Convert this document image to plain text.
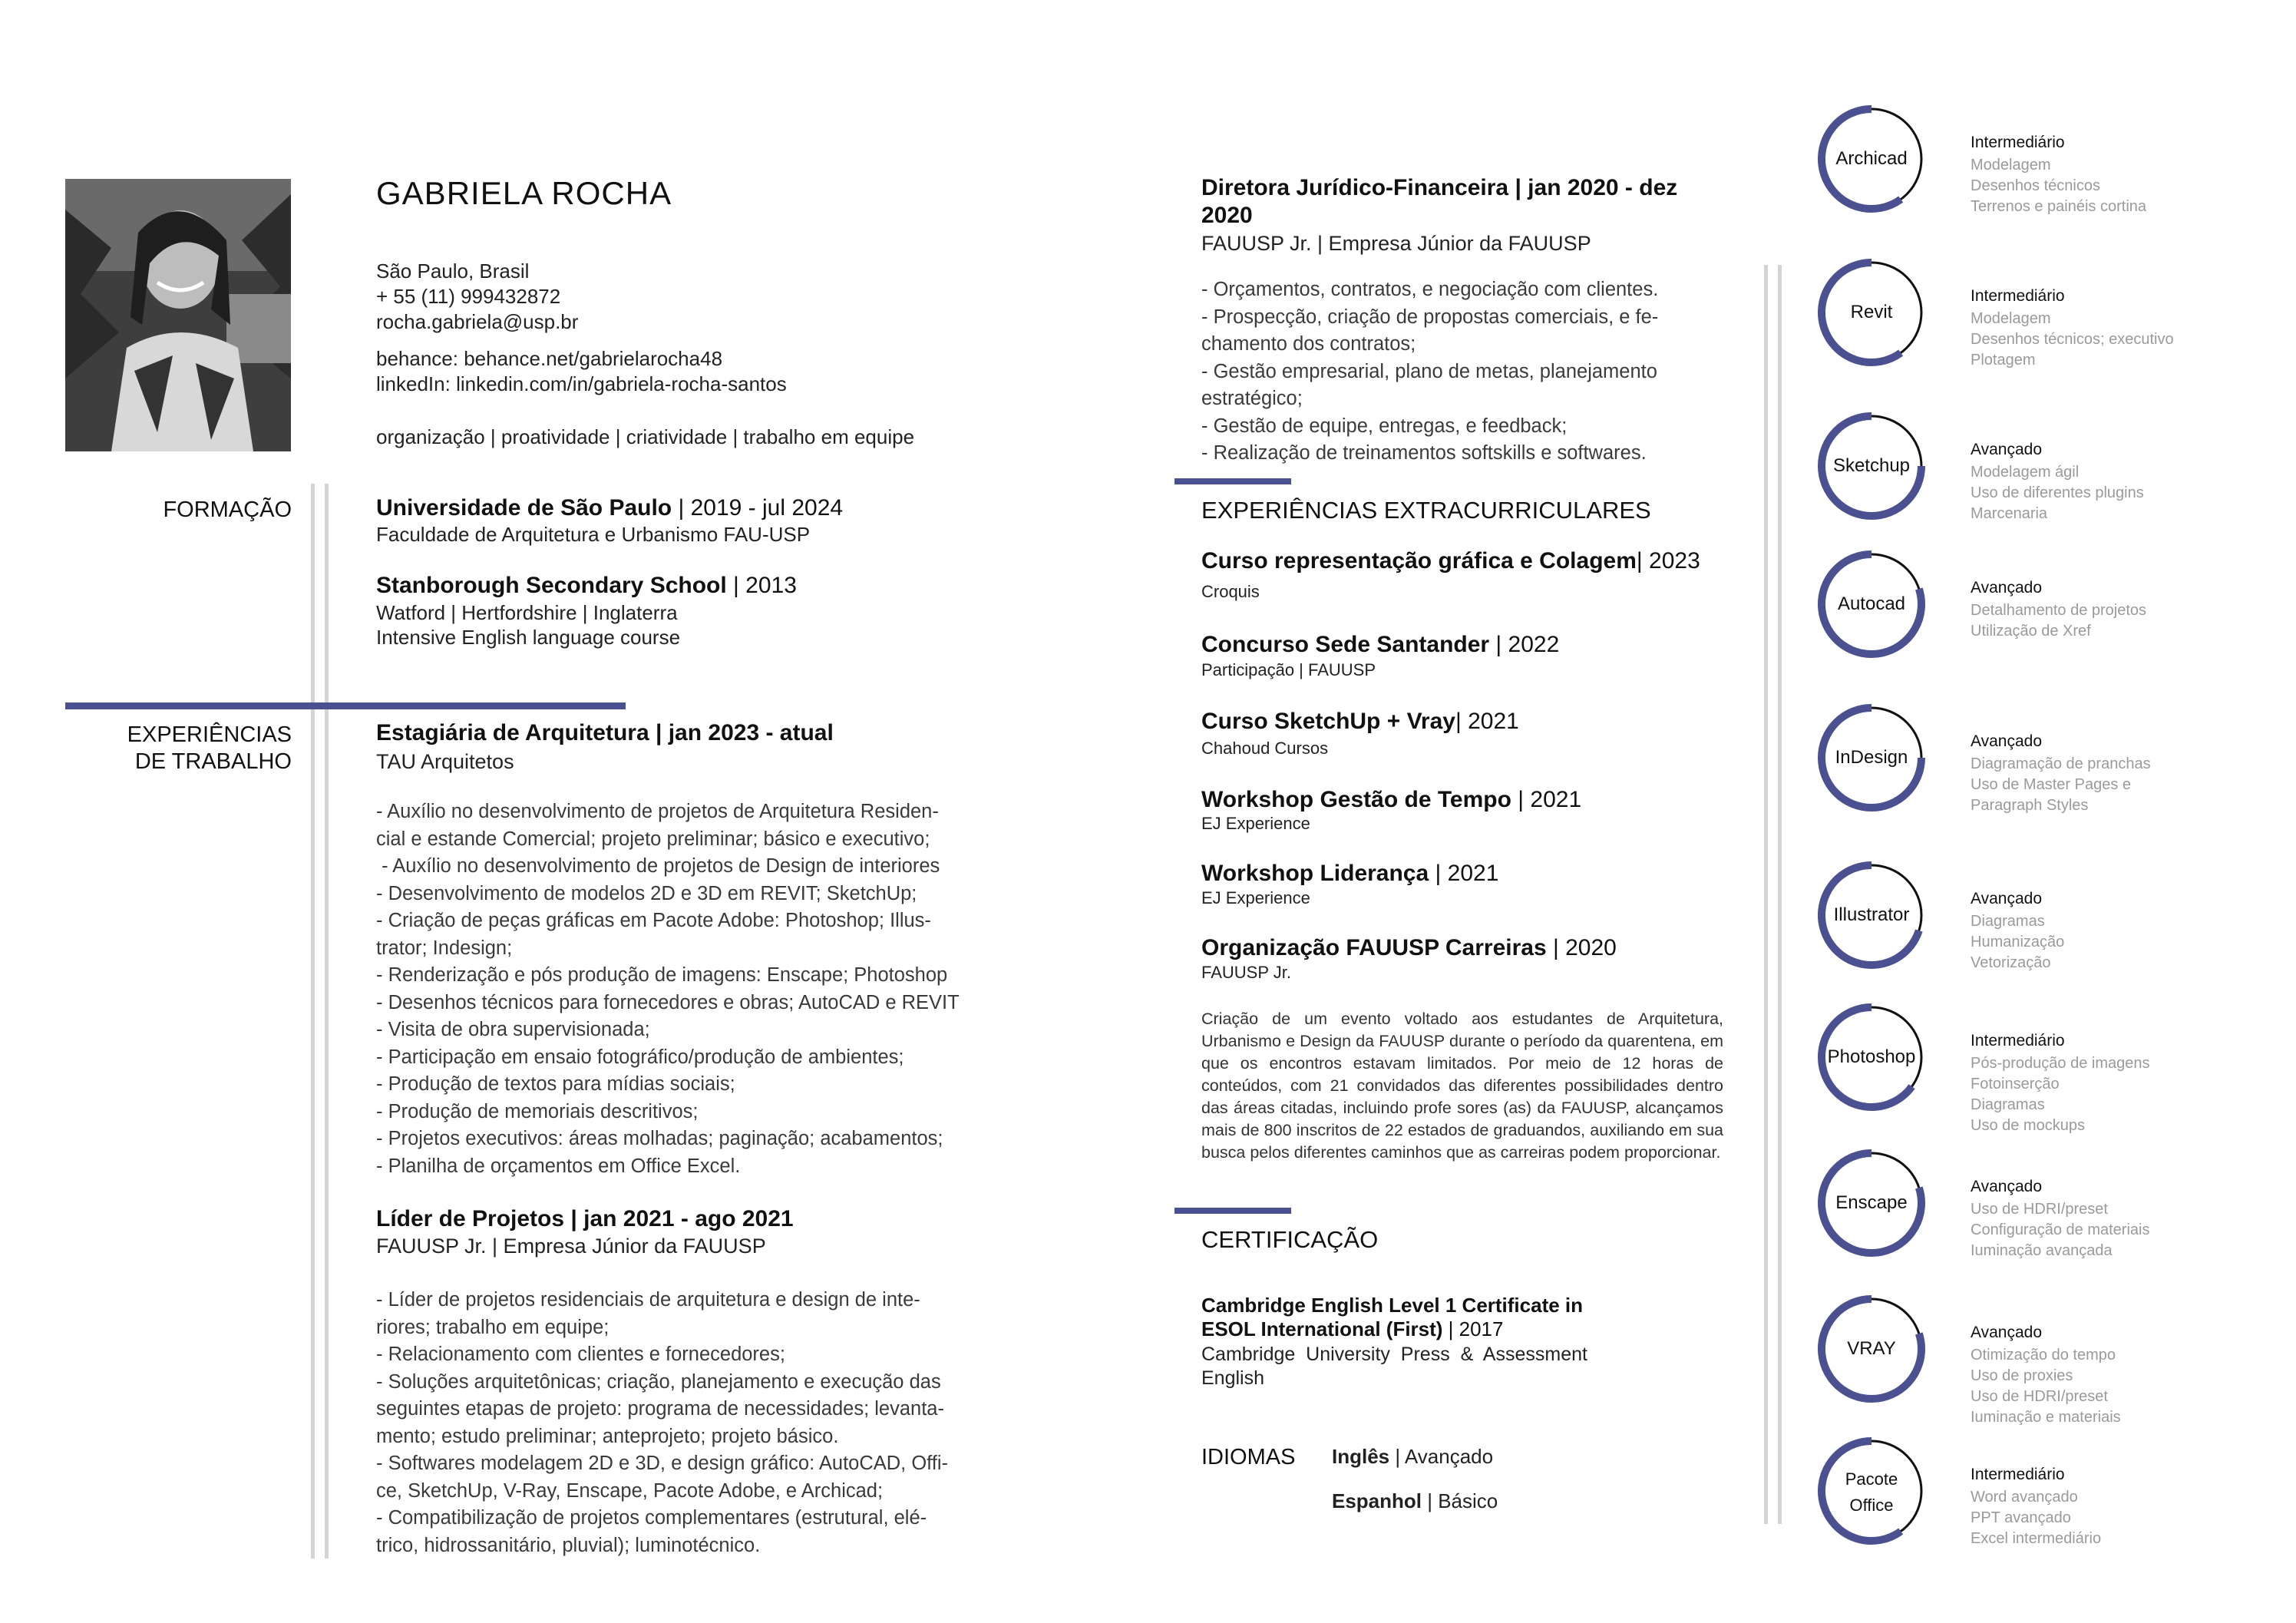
GABRIELA ROCHA
São Paulo, Brasil
+ 55 (11) 999432872
rocha.gabriela@usp.br
behance: behance.net/gabrielarocha48
linkedIn: linkedin.com/in/gabriela-rocha-santos
organização | proatividade | criatividade | trabalho em equipe
FORMAÇÃO	Universidade de São Paulo | 2019 - jul 2024
Faculdade de Arquitetura e Urbanismo FAU-USP
Stanborough Secondary School | 2013
Watford | Hertfordshire | Inglaterra
Intensive English language course
EXPERIÊNCIAS
DE TRABALHO
Estagiária de Arquitetura | jan 2023 - atual
TAU Arquitetos
- Auxílio no desenvolvimento de projetos de Arquitetura Residen-
cial e estande Comercial; projeto preliminar; básico e executivo;
- Auxílio no desenvolvimento de projetos de Design de interiores
- Desenvolvimento de modelos 2D e 3D em REVIT; SketchUp;
- Criação de peças gráficas em Pacote Adobe: Photoshop; Illus-
trator; Indesign;
- Renderização e pós produção de imagens: Enscape; Photoshop
- Desenhos técnicos para fornecedores e obras; AutoCAD e REVIT
- Visita de obra supervisionada;
- Participação em ensaio fotográfico/produção de ambientes;
- Produção de textos para mídias sociais;
- Produção de memoriais descritivos;
- Projetos executivos: áreas molhadas; paginação; acabamentos;
- Planilha de orçamentos em Office Excel.
Líder de Projetos | jan 2021 - ago 2021
FAUUSP Jr. | Empresa Júnior da FAUUSP
- Líder de projetos residenciais de arquitetura e design de inte-
riores; trabalho em equipe;
- Relacionamento com clientes e fornecedores;
- Soluções arquitetônicas; criação, planejamento e execução das
seguintes etapas de projeto: programa de necessidades; levanta-
mento; estudo preliminar; anteprojeto; projeto básico.
- Softwares modelagem 2D e 3D, e design gráfico: AutoCAD, Offi-
ce, SketchUp, V-Ray, Enscape, Pacote Adobe, e Archicad;
- Compatibilização de projetos complementares (estrutural, elé-
trico, hidrossanitário, pluvial); luminotécnico.
Diretora Jurídico-Financeira | jan 2020 - dez
2020
FAUUSP Jr. | Empresa Júnior da FAUUSP
- Orçamentos, contratos, e negociação com clientes.
- Prospecção, criação de propostas comerciais, e fe-
chamento dos contratos;
- Gestão empresarial, plano de metas, planejamento
estratégico;
- Gestão de equipe, entregas, e feedback;
- Realização de treinamentos softskills e softwares.
EXPERIÊNCIAS EXTRACURRICULARES
Curso representação gráfica e Colagem| 2023
Croquis
Concurso Sede Santander | 2022
Participação | FAUUSP
Curso SketchUp + Vray| 2021
Chahoud Cursos
Workshop Gestão de Tempo | 2021
EJ Experience
Workshop Liderança | 2021
EJ Experience
Organização FAUUSP Carreiras | 2020
FAUUSP Jr.
Criação de um evento voltado aos estudantes de Arquitetura, Urbanismo e Design da FAUUSP durante o período da quarentena, em que os encontros estavam limitados. Por meio de 12 horas de conteúdos, com 21 convidados das diferentes possibilidades dentro das áreas citadas, incluindo profe sores (as) da FAUUSP, alcançamos mais de 800 inscritos de 22 estados de graduandos, auxiliando em sua busca pelos diferentes caminhos que as carreiras podem proporcionar.
CERTIFICAÇÃO
Cambridge English Level 1 Certificate in
ESOL International (First) | 2017
Cambridge  University  Press  &  Assessment
English
IDIOMAS Inglês | Avançado
Espanhol | Básico
Archicad
Intermediário
Modelagem
Desenhos técnicos
Terrenos e painéis cortina
Revit
Intermediário
Modelagem
Desenhos técnicos; executivo
Plotagem
Sketchup
Avançado
Modelagem ágil
Uso de diferentes plugins
Marcenaria
Autocad
Avançado
Detalhamento de projetos
Utilização de Xref
InDesign
Avançado
Diagramação de pranchas
Uso de Master Pages e
Paragraph Styles
Illustrator
Avançado
Diagramas
Humanização
Vetorização
Photoshop
Intermediário
Pós-produção de imagens
Fotoinserção
Diagramas
Uso de mockups
Enscape
Avançado
Uso de HDRI/preset
Configuração de materiais
Iuminação avançada
VRAY
Avançado
Otimização do tempo
Uso de proxies
Uso de HDRI/preset
Iuminação e materiais
Pacote
Office
Intermediário
Word avançado
PPT avançado
Excel intermediário
